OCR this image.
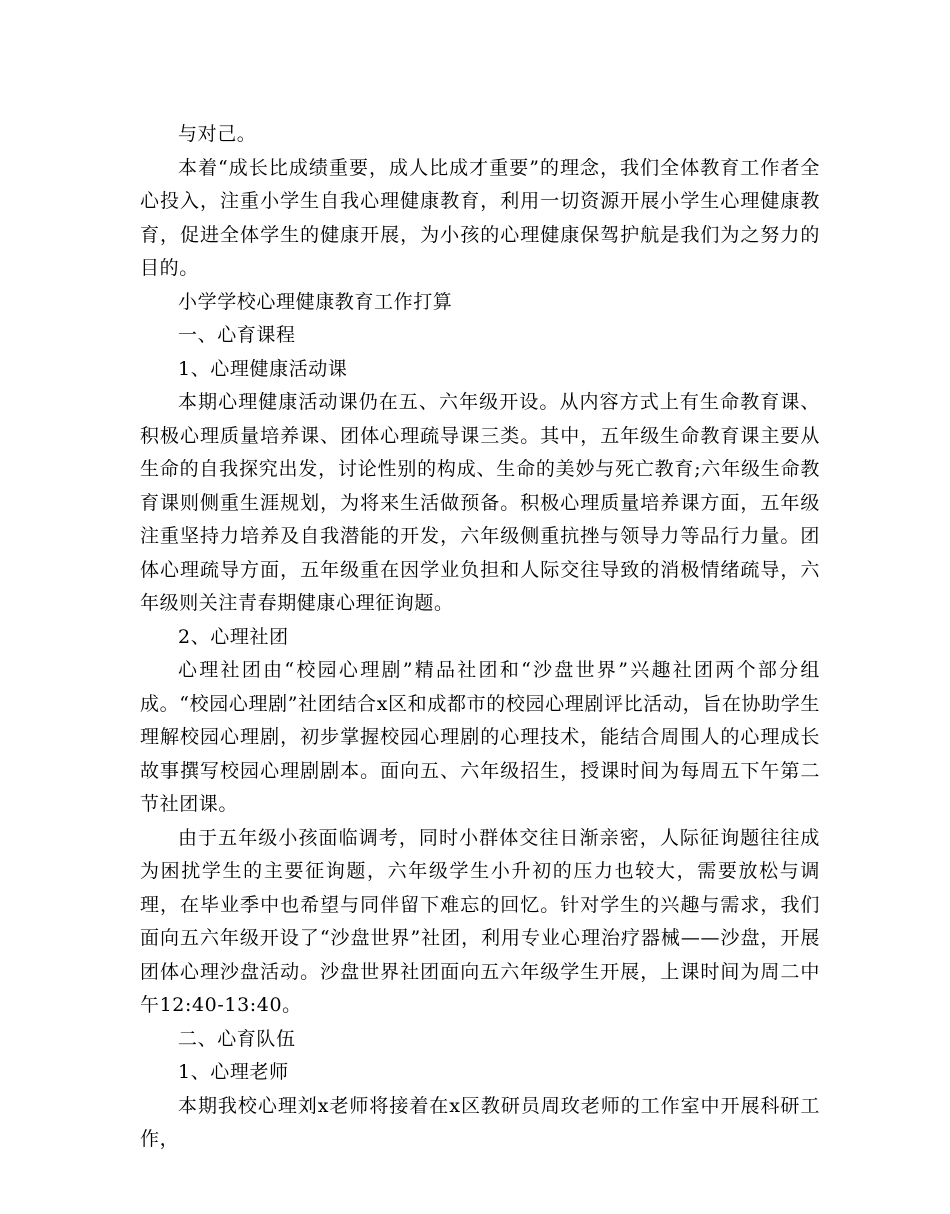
与对己。

本着“成长比成绩重要，成人比成才重要”的理念，我们全体教育工作者全心投入，注重小学生自我心理健康教育，利用一切资源开展小学生心理健康教育，促进全体学生的健康开展，为小孩的心理健康保驾护航是我们为之努力的目的。

小学学校心理健康教育工作打算

一、心育课程

1、心理健康活动课

本期心理健康活动课仍在五、六年级开设。从内容方式上有生命教育课、积极心理质量培养课、团体心理疏导课三类。其中，五年级生命教育课主要从生命的自我探究出发，讨论性别的构成、生命的美妙与死亡教育;六年级生命教育课则侧重生涯规划，为将来生活做预备。积极心理质量培养课方面，五年级注重坚持力培养及自我潜能的开发，六年级侧重抗挫与领导力等品行力量。团体心理疏导方面，五年级重在因学业负担和人际交往导致的消极情绪疏导，六年级则关注青春期健康心理征询题。

2、心理社团

心理社团由“校园心理剧”精品社团和“沙盘世界”兴趣社团两个部分组成。“校园心理剧”社团结合x区和成都市的校园心理剧评比活动，旨在协助学生理解校园心理剧，初步掌握校园心理剧的心理技术，能结合周围人的心理成长故事撰写校园心理剧剧本。面向五、六年级招生，授课时间为每周五下午第二节社团课。

由于五年级小孩面临调考，同时小群体交往日渐亲密，人际征询题往往成为困扰学生的主要征询题，六年级学生小升初的压力也较大，需要放松与调理，在毕业季中也希望与同伴留下难忘的回忆。针对学生的兴趣与需求，我们面向五六年级开设了“沙盘世界”社团，利用专业心理治疗器械——沙盘，开展团体心理沙盘活动。沙盘世界社团面向五六年级学生开展，上课时间为周二中午12:40-13:40。

二、心育队伍

1、心理老师

本期我校心理刘x老师将接着在x区教研员周玫老师的工作室中开展科研工作，
